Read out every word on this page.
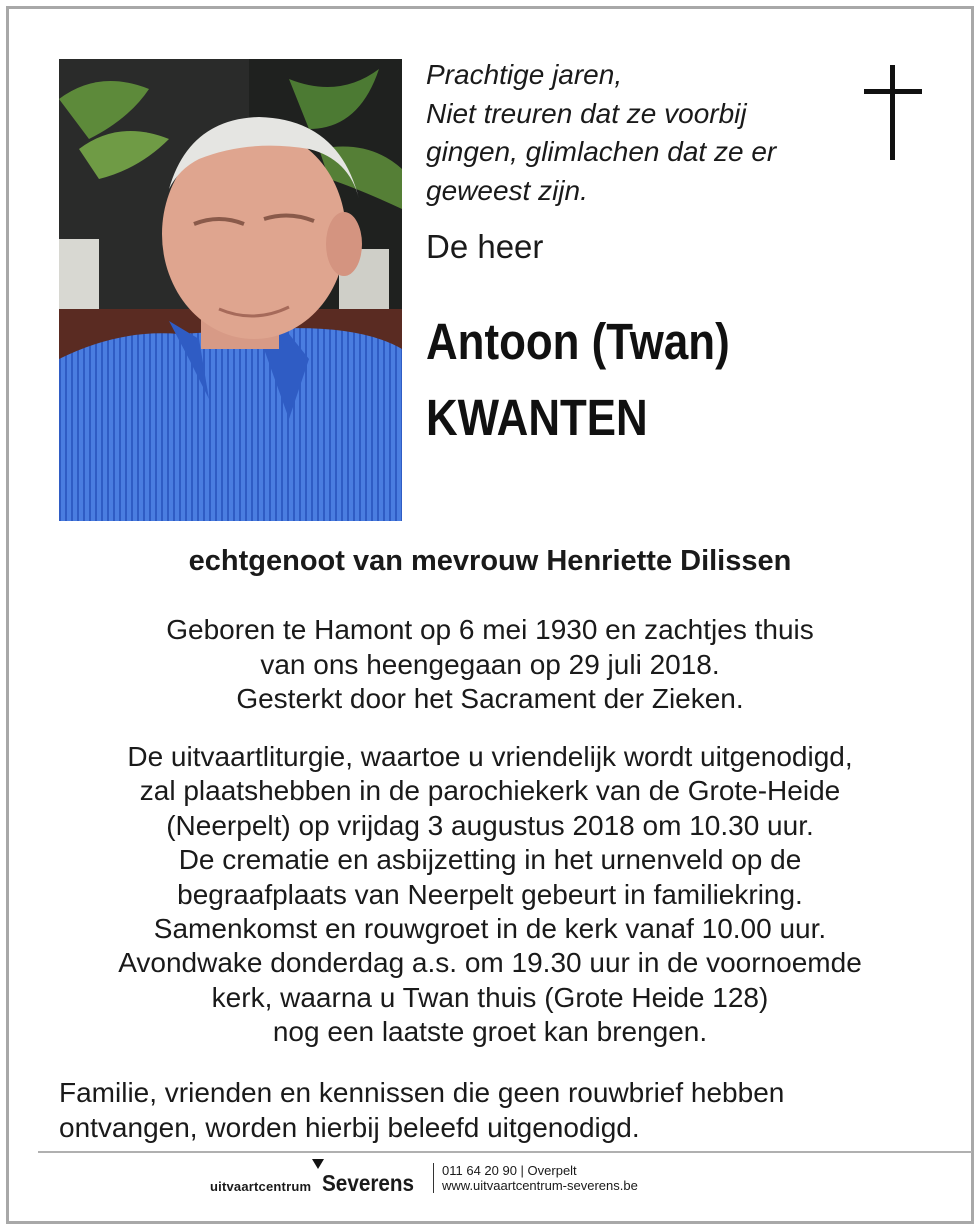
Prachtige jaren,
Niet treuren dat ze voorbij
gingen, glimlachen dat ze er
geweest zijn.
De heer
Antoon (Twan)
KWANTEN
echtgenoot van mevrouw Henriette Dilissen
Geboren te Hamont op 6 mei 1930 en zachtjes thuis
van ons heengegaan op 29 juli 2018.
Gesterkt door het Sacrament der Zieken.
De uitvaartliturgie, waartoe u vriendelijk wordt uitgenodigd,
zal plaatshebben in de parochiekerk van de Grote-Heide
(Neerpelt) op vrijdag 3 augustus 2018 om 10.30 uur.
De crematie en asbijzetting in het urnenveld op de
begraafplaats van Neerpelt gebeurt in familiekring.
Samenkomst en rouwgroet in de kerk vanaf 10.00 uur.
Avondwake donderdag a.s. om 19.30 uur in de voornoemde
kerk, waarna u Twan thuis (Grote Heide 128)
nog een laatste groet kan brengen.
Familie, vrienden en kennissen die geen rouwbrief hebben
ontvangen, worden hierbij beleefd uitgenodigd.
uitvaartcentrum Severens 011 64 20 90 | Overpelt
www.uitvaartcentrum-severens.be
